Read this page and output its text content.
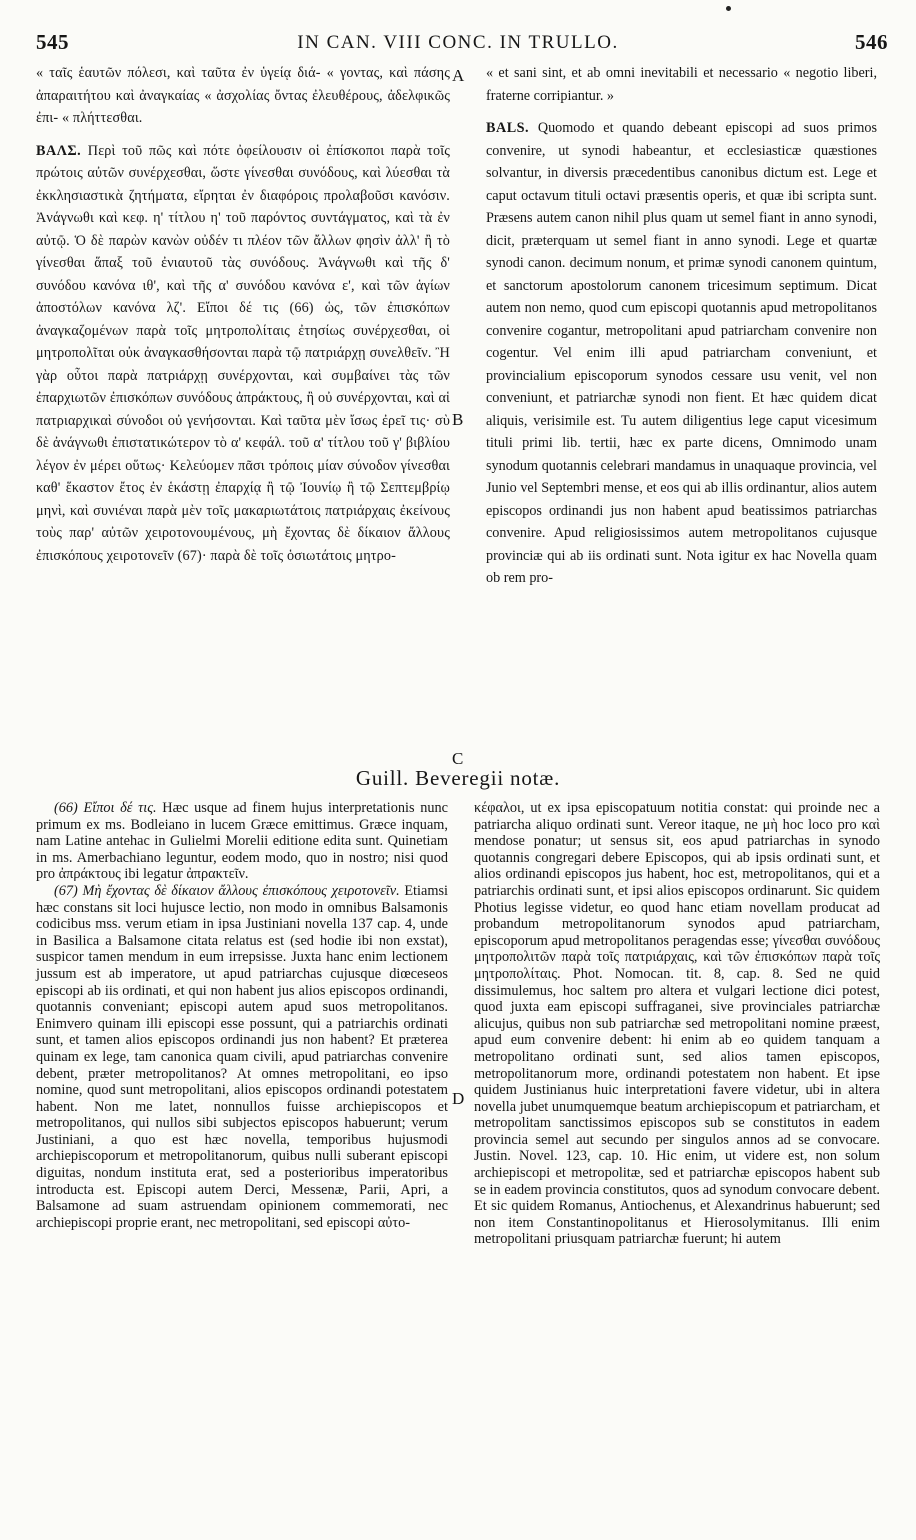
545	IN CAN. VIII CONC. IN TRULLO.	546

« ταῖς ἑαυτῶν πόλεσι, καὶ ταῦτα ἐν ὑγείᾳ διά- « γοντας, καὶ πάσης ἀπαραιτήτου καὶ ἀναγκαίας « ἀσχολίας ὄντας ἐλευθέρους, ἀδελφικῶς ἐπι- « πλήττεσθαι.

ΒΑΛΣ. Περὶ τοῦ πῶς καὶ πότε ὀφείλουσιν οἱ ἐπίσκοποι παρὰ τοῖς πρώτοις αὐτῶν συνέρχεσθαι, ὥστε γίνεσθαι συνόδους, καὶ λύεσθαι τὰ ἐκκλησιαστικὰ ζητήματα, εἴρηται ἐν διαφόροις προλαβοῦσι κανόσιν. Ἀνάγνωθι καὶ κεφ. η' τίτλου η' τοῦ παρόντος συντάγματος, καὶ τὰ ἐν αὐτῷ. Ὁ δὲ παρὼν κανὼν οὐδέν τι πλέον τῶν ἄλλων φησὶν ἀλλ' ἢ τὸ γίνεσθαι ἅπαξ τοῦ ἐνιαυτοῦ τὰς συνόδους. Ἀνάγνωθι καὶ τῆς δ' συνόδου κανόνα ιθ', καὶ τῆς α' συνόδου κανόνα ε', καὶ τῶν ἁγίων ἀποστόλων κανόνα λζ'. Εἴποι δέ τις (66) ὡς, τῶν ἐπισκόπων ἀναγκαζομένων παρὰ τοῖς μητροπολίταις ἐτησίως συνέρχεσθαι, οἱ μητροπολῖται οὐκ ἀναγκασθήσονται παρὰ τῷ πατριάρχῃ συνελθεῖν. Ἢ γὰρ οὗτοι παρὰ πατριάρχῃ συνέρχονται, καὶ συμβαίνει τὰς τῶν ἐπαρχιωτῶν ἐπισκόπων συνόδους ἀπράκτους, ἢ οὐ συνέρχονται, καὶ αἱ πατριαρχικαὶ σύνοδοι οὐ γενήσονται. Καὶ ταῦτα μὲν ἴσως ἐρεῖ τις· σὺ δὲ ἀνάγνωθι ἐπιστατικώτερον τὸ α' κεφάλ. τοῦ α' τίτλου τοῦ γ' βιβλίου λέγον ἐν μέρει οὕτως· Κελεύομεν πᾶσι τρόποις μίαν σύνοδον γίνεσθαι καθ' ἕκαστον ἔτος ἐν ἑκάστῃ ἐπαρχίᾳ ἢ τῷ Ἰουνίῳ ἢ τῷ Σεπτεμβρίῳ μηνὶ, καὶ συνιέναι παρὰ μὲν τοῖς μακαριωτάτοις πατριάρχαις ἐκείνους τοὺς παρ' αὐτῶν χειροτονουμένους, μὴ ἔχοντας δὲ δίκαιον ἄλλους ἐπισκόπους χειροτονεῖν (67)· παρὰ δὲ τοῖς ὁσιωτάτοις μητρο-

A
B
C
D

« et sani sint, et ab omni inevitabili et necessario « negotio liberi, fraterne corripiantur. »

BALS. Quomodo et quando debeant episcopi ad suos primos convenire, ut synodi habeantur, et ecclesiasticæ quæstiones solvantur, in diversis præcedentibus canonibus dictum est. Lege et caput octavum tituli octavi præsentis operis, et quæ ibi scripta sunt. Præsens autem canon nihil plus quam ut semel fiant in anno synodi, dicit, præterquam ut semel fiant in anno synodi. Lege et quartæ synodi canon. decimum nonum, et primæ synodi canonem quintum, et sanctorum apostolorum canonem tricesimum septimum. Dicat autem non nemo, quod cum episcopi quotannis apud metropolitanos convenire cogantur, metropolitani apud patriarcham convenire non cogentur. Vel enim illi apud patriarcham conveniunt, et provincialium episcoporum synodos cessare usu venit, vel non conveniunt, et patriarchæ synodi non fient. Et hæc quidem dicat aliquis, verisimile est. Tu autem diligentius lege caput vicesimum tituli primi lib. tertii, hæc ex parte dicens, Omnimodo unam synodum quotannis celebrari mandamus in unaquaque provincia, vel Junio vel Septembri mense, et eos qui ab illis ordinantur, alios autem episcopos ordinandi jus non habent apud beatissimos patriarchas convenire. Apud religiosissimos autem metropolitanos cujusque provinciæ qui ab iis ordinati sunt. Nota igitur ex hac Novella quam ob rem pro-

Guill. Beveregii notæ.

(66) Εἴποι δέ τις. Hæc usque ad finem hujus interpretationis nunc primum ex ms. Bodleiano in lucem Græce emittimus. Græce inquam, nam Latine antehac in Gulielmi Morelii editione edita sunt. Quinetiam in ms. Amerbachiano leguntur, eodem modo, quo in nostro; nisi quod pro ἀπράκτους ibi legatur ἀπρακτεῖν.

(67) Μὴ ἔχοντας δὲ δίκαιον ἄλλους ἐπισκόπους χειροτονεῖν. Etiamsi hæc constans sit loci hujusce lectio, non modo in omnibus Balsamonis codicibus mss. verum etiam in ipsa Justiniani novella 137 cap. 4, unde in Basilica a Balsamone citata relatus est (sed hodie ibi non exstat), suspicor tamen mendum in eum irrepsisse. Juxta hanc enim lectionem jussum est ab imperatore, ut apud patriarchas cujusque diœceseos episcopi ab iis ordinati, et qui non habent jus alios episcopos ordinandi, quotannis conveniant; episcopi autem apud suos metropolitanos. Enimvero quinam illi episcopi esse possunt, qui a patriarchis ordinati sunt, et tamen alios episcopos ordinandi jus non habent? Et præterea quinam ex lege, tam canonica quam civili, apud patriarchas convenire debent, præter metropolitanos? At omnes metropolitani, eo ipso nomine, quod sunt metropolitani, alios episcopos ordinandi potestatem habent. Non me latet, nonnullos fuisse archiepiscopos et metropolitanos, qui nullos sibi subjectos episcopos habuerunt; verum Justiniani, a quo est hæc novella, temporibus hujusmodi archiepiscoporum et metropolitanorum, quibus nulli suberant episcopi diguitas, nondum instituta erat, sed a posterioribus imperatoribus introducta est. Episcopi autem Derci, Messenæ, Parii, Apri, a Balsamone ad suam astruendam opinionem commemorati, nec archiepiscopi proprie erant, nec metropolitani, sed episcopi αὐτο-

κέφαλοι, ut ex ipsa episcopatuum notitia constat: qui proinde nec a patriarcha aliquo ordinati sunt. Vereor itaque, ne μὴ hoc loco pro καὶ mendose ponatur; ut sensus sit, eos apud patriarchas in synodo quotannis congregari debere Episcopos, qui ab ipsis ordinati sunt, et alios ordinandi episcopos jus habent, hoc est, metropolitanos, qui et a patriarchis ordinati sunt, et ipsi alios episcopos ordinarunt. Sic quidem Photius legisse videtur, eo quod hanc etiam novellam producat ad probandum metropolitanorum synodos apud patriarcham, episcoporum apud metropolitanos peragendas esse; γίνεσθαι συνόδους μητροπολιτῶν παρὰ τοῖς πατριάρχαις, καὶ τῶν ἐπισκόπων παρὰ τοῖς μητροπολίταις. Phot. Nomocan. tit. 8, cap. 8. Sed ne quid dissimulemus, hoc saltem pro altera et vulgari lectione dici potest, quod juxta eam episcopi suffraganei, sive provinciales patriarchæ alicujus, quibus non sub patriarchæ sed metropolitani nomine præest, apud eum convenire debent: hi enim ab eo quidem tanquam a metropolitano ordinati sunt, sed alios tamen episcopos, metropolitanorum more, ordinandi potestatem non habent. Et ipse quidem Justinianus huic interpretationi favere videtur, ubi in altera novella jubet unumquemque beatum archiepiscopum et patriarcham, et metropolitam sanctissimos episcopos sub se constitutos in eadem provincia semel aut secundo per singulos annos ad se convocare. Justin. Novel. 123, cap. 10. Hic enim, ut videre est, non solum archiepiscopi et metropolitæ, sed et patriarchæ episcopos habent sub se in eadem provincia constitutos, quos ad synodum convocare debent. Et sic quidem Romanus, Antiochenus, et Alexandrinus habuerunt; sed non item Constantinopolitanus et Hierosolymitanus. Illi enim metropolitani priusquam patriarchæ fuerunt; hi autem
